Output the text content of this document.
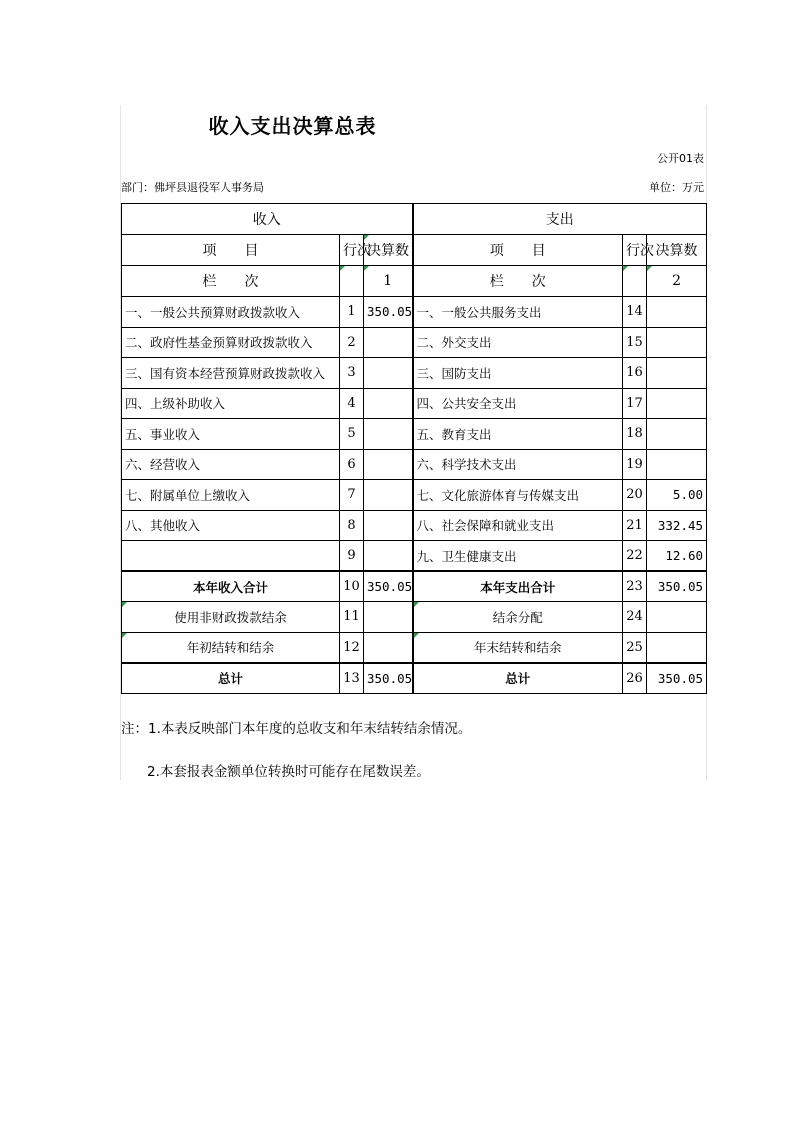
收入支出决算总表
公开01表
部门：佛坪县退役军人事务局	单位：万元
收入			支出		
项　　目	行次	决算数	项　　目	行次	决算数
栏　　次		1	栏　　次		2
一、一般公共预算财政拨款收入	1	350.05	一、一般公共服务支出	14	
二、政府性基金预算财政拨款收入	2		二、外交支出	15	
三、国有资本经营预算财政拨款收入	3		三、国防支出	16	
四、上级补助收入	4		四、公共安全支出	17	
五、事业收入	5		五、教育支出	18	
六、经营收入	6		六、科学技术支出	19	
七、附属单位上缴收入	7		七、文化旅游体育与传媒支出	20	5.00
八、其他收入	8		八、社会保障和就业支出	21	332.45
	9		九、卫生健康支出	22	12.60
本年收入合计	10	350.05	本年支出合计	23	350.05
使用非财政拨款结余	11		结余分配	24	
年初结转和结余	12		年末结转和结余	25	
总计	13	350.05	总计	26	350.05
注：1.本表反映部门本年度的总收支和年末结转结余情况。
2.本套报表金额单位转换时可能存在尾数误差。
